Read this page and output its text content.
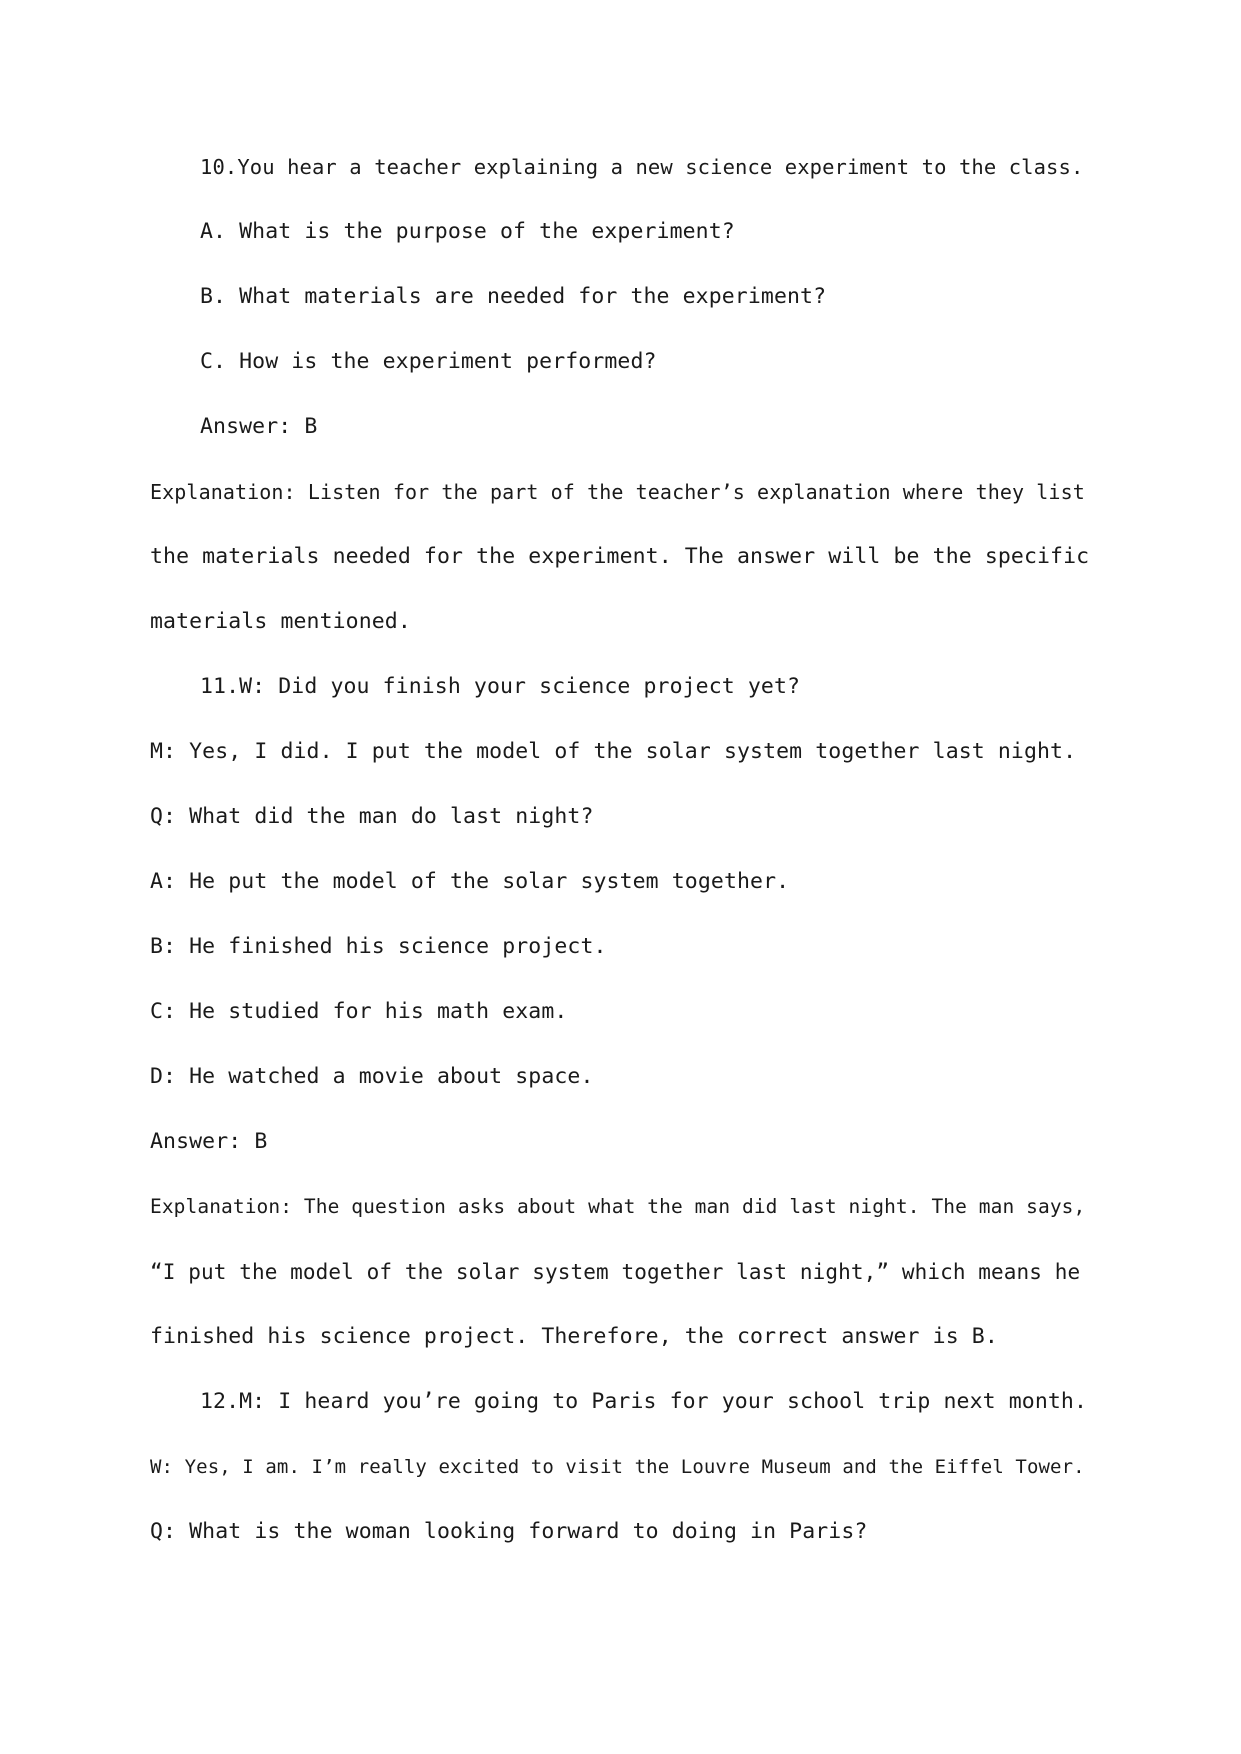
10.You hear a teacher explaining a new science experiment to the class.
A. What is the purpose of the experiment?
B. What materials are needed for the experiment?
C. How is the experiment performed?
Answer: B
Explanation: Listen for the part of the teacher’s explanation where they list
the materials needed for the experiment. The answer will be the specific
materials mentioned.
11.W: Did you finish your science project yet?
M: Yes, I did. I put the model of the solar system together last night.
Q: What did the man do last night?
A: He put the model of the solar system together.
B: He finished his science project.
C: He studied for his math exam.
D: He watched a movie about space.
Answer: B
Explanation: The question asks about what the man did last night. The man says,
“I put the model of the solar system together last night,” which means he
finished his science project. Therefore, the correct answer is B.
12.M: I heard you’re going to Paris for your school trip next month.
W: Yes, I am. I’m really excited to visit the Louvre Museum and the Eiffel Tower.
Q: What is the woman looking forward to doing in Paris?
